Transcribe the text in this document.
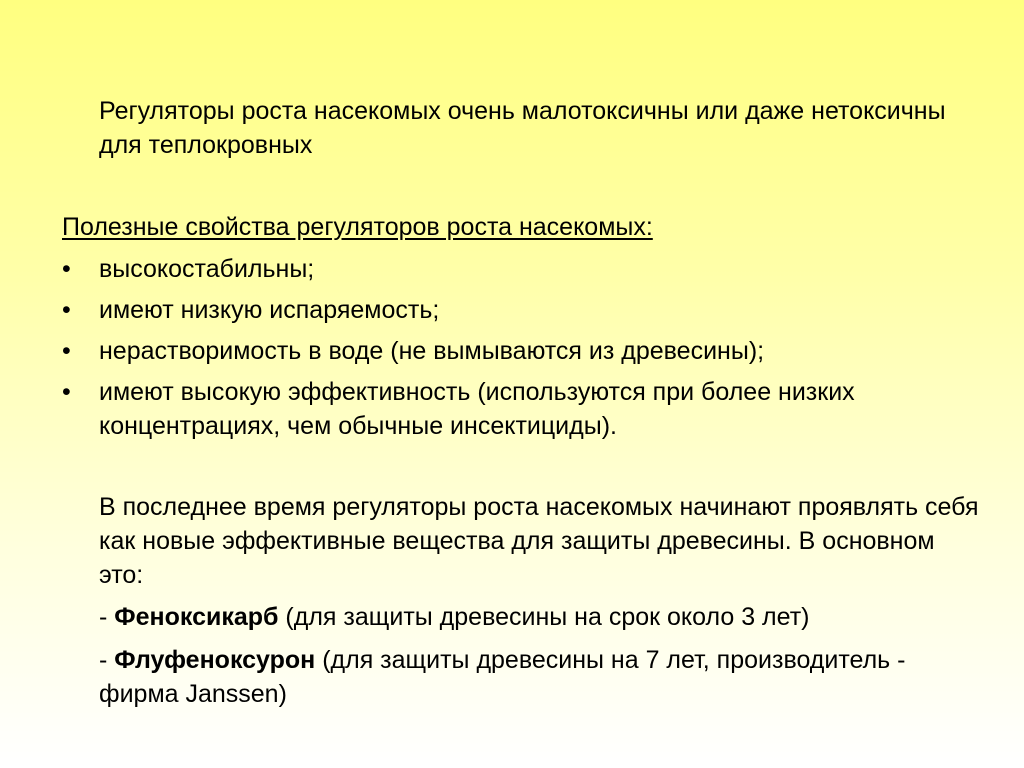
Регуляторы роста насекомых очень малотоксичны или даже нетоксичны для теплокровных

Полезные свойства регуляторов роста насекомых:

• высокостабильны;
• имеют низкую испаряемость;
• нерастворимость в воде (не вымываются из древесины);
• имеют высокую эффективность (используются при более низких концентрациях, чем обычные инсектициды).

В последнее время регуляторы роста насекомых начинают проявлять себя как новые эффективные вещества для защиты древесины. В основном это:

- Феноксикарб (для защиты древесины на срок около 3 лет)

- Флуфеноксурон (для защиты древесины на 7 лет, производитель - фирма Janssen)
